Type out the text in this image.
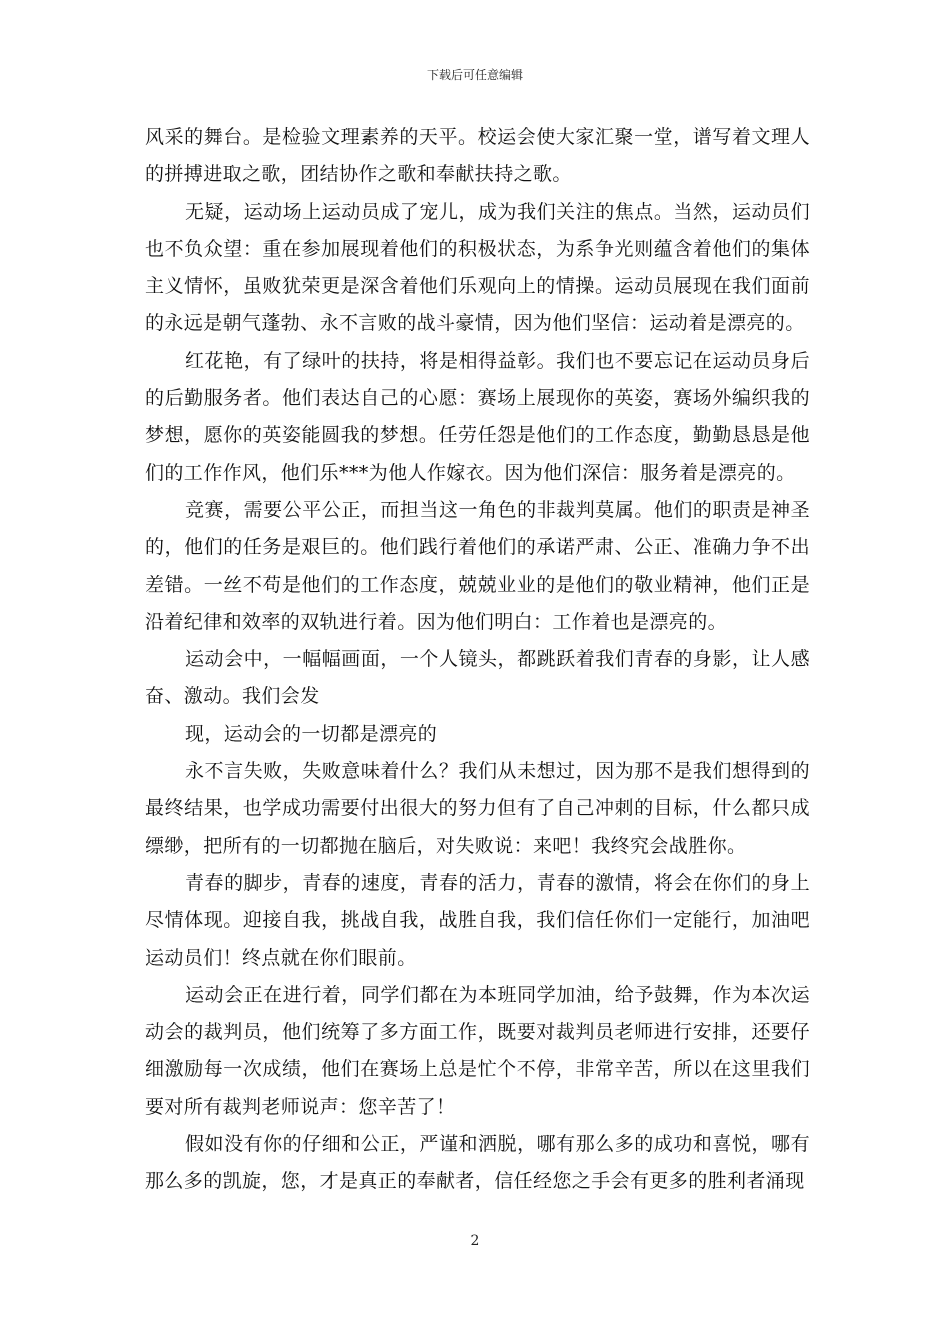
下载后可任意编辑

风采的舞台。是检验文理素养的天平。校运会使大家汇聚一堂，谱写着文理人的拼搏进取之歌，团结协作之歌和奉献扶持之歌。

无疑，运动场上运动员成了宠儿，成为我们关注的焦点。当然，运动员们也不负众望：重在参加展现着他们的积极状态，为系争光则蕴含着他们的集体主义情怀，虽败犹荣更是深含着他们乐观向上的情操。运动员展现在我们面前的永远是朝气蓬勃、永不言败的战斗豪情，因为他们坚信：运动着是漂亮的。

红花艳，有了绿叶的扶持，将是相得益彰。我们也不要忘记在运动员身后的后勤服务者。他们表达自己的心愿：赛场上展现你的英姿，赛场外编织我的梦想，愿你的英姿能圆我的梦想。任劳任怨是他们的工作态度，勤勤恳恳是他们的工作作风，他们乐***为他人作嫁衣。因为他们深信：服务着是漂亮的。

竞赛，需要公平公正，而担当这一角色的非裁判莫属。他们的职责是神圣的，他们的任务是艰巨的。他们践行着他们的承诺严肃、公正、准确力争不出差错。一丝不苟是他们的工作态度，兢兢业业的是他们的敬业精神，他们正是沿着纪律和效率的双轨进行着。因为他们明白：工作着也是漂亮的。

运动会中，一幅幅画面，一个人镜头，都跳跃着我们青春的身影，让人感奋、激动。我们会发

现，运动会的一切都是漂亮的

永不言失败，失败意味着什么？我们从未想过，因为那不是我们想得到的最终结果，也学成功需要付出很大的努力但有了自己冲刺的目标，什么都只成缥缈，把所有的一切都抛在脑后，对失败说：来吧！我终究会战胜你。

青春的脚步，青春的速度，青春的活力，青春的激情，将会在你们的身上尽情体现。迎接自我，挑战自我，战胜自我，我们信任你们一定能行，加油吧运动员们！终点就在你们眼前。

运动会正在进行着，同学们都在为本班同学加油，给予鼓舞，作为本次运动会的裁判员，他们统筹了多方面工作，既要对裁判员老师进行安排，还要仔细激励每一次成绩，他们在赛场上总是忙个不停，非常辛苦，所以在这里我们要对所有裁判老师说声：您辛苦了！

假如没有你的仔细和公正，严谨和洒脱，哪有那么多的成功和喜悦，哪有那么多的凯旋，您，才是真正的奉献者，信任经您之手会有更多的胜利者涌现

2
